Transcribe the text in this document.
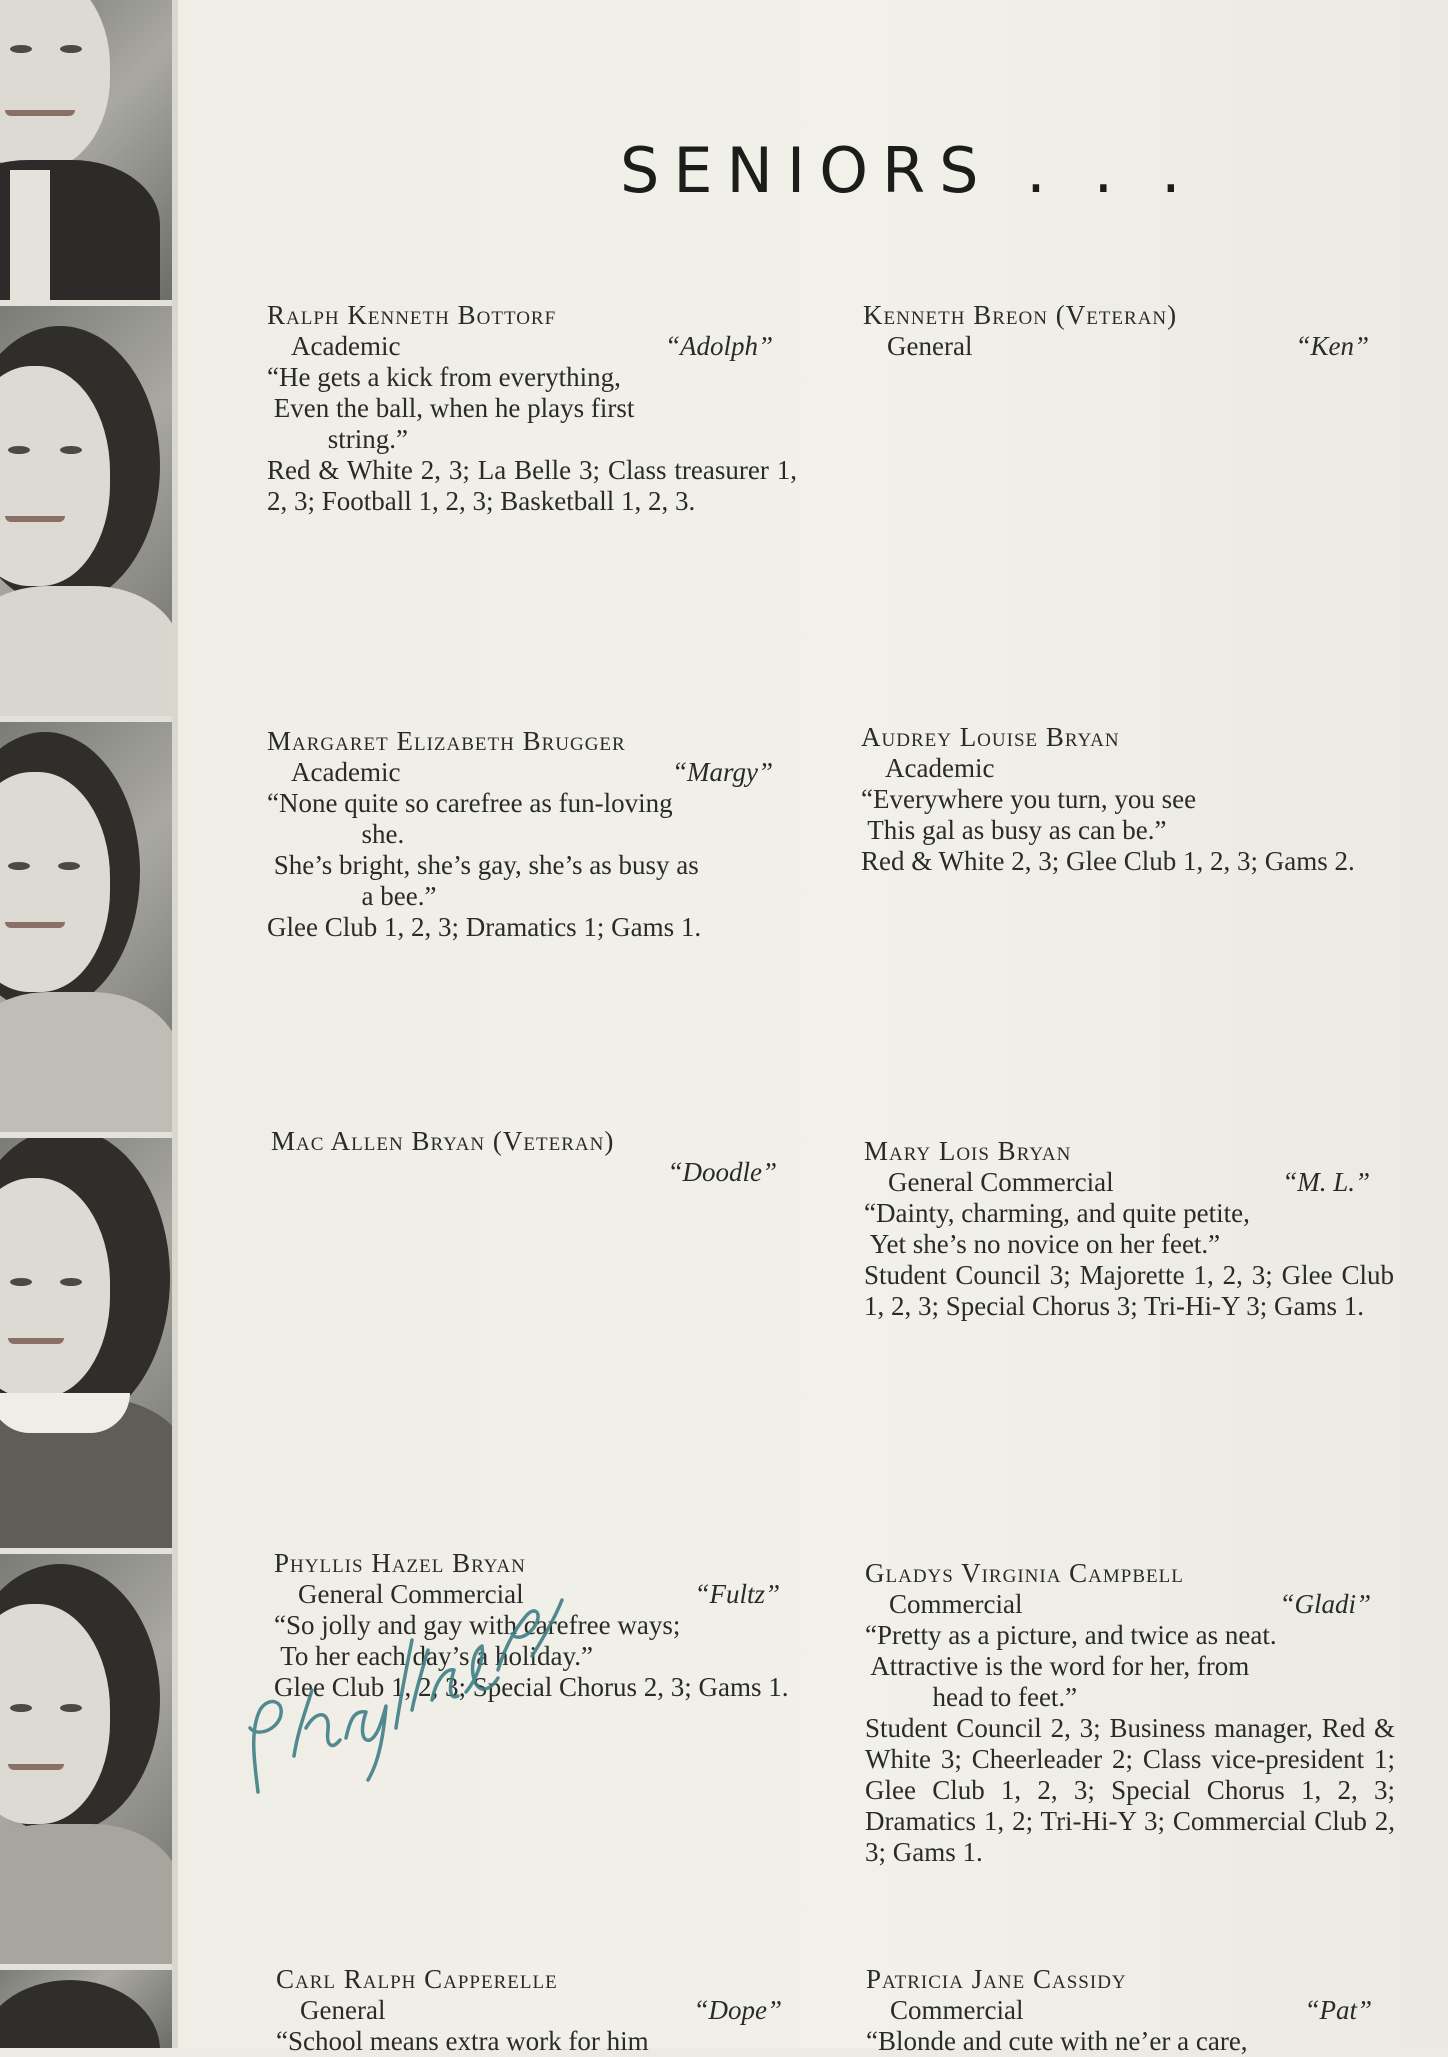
SENIORS . . .
Ralph Kenneth Bottorf
Academic	“Adolph”
“He gets a kick from everything,
Even the ball, when he plays first
string.”
Red & White 2, 3; La Belle 3; Class treasurer 1, 2, 3; Football 1, 2, 3; Basketball 1, 2, 3.
Kenneth Breon (Veteran)
General	“Ken”
Margaret Elizabeth Brugger
Academic	“Margy”
“None quite so carefree as fun-loving
she.
She’s bright, she’s gay, she’s as busy as
a bee.”
Glee Club 1, 2, 3; Dramatics 1; Gams 1.
Audrey Louise Bryan
Academic
“Everywhere you turn, you see
This gal as busy as can be.”
Red & White 2, 3; Glee Club 1, 2, 3; Gams 2.
Mac Allen Bryan (Veteran)
“Doodle”
Mary Lois Bryan
General Commercial	“M. L.”
“Dainty, charming, and quite petite,
Yet she’s no novice on her feet.”
Student Council 3; Majorette 1, 2, 3; Glee Club 1, 2, 3; Special Chorus 3; Tri-Hi-Y 3; Gams 1.
Phyllis Hazel Bryan
General Commercial	“Fultz”
“So jolly and gay with carefree ways;
To her each day’s a holiday.”
Glee Club 1, 2, 3; Special Chorus 2, 3; Gams 1.
Gladys Virginia Campbell
Commercial	“Gladi”
“Pretty as a picture, and twice as neat.
Attractive is the word for her, from
head to feet.”
Student Council 2, 3; Business manager, Red & White 3; Cheerleader 2; Class vice-president 1; Glee Club 1, 2, 3; Special Chorus 1, 2, 3; Dramatics 1, 2; Tri-Hi-Y 3; Commercial Club 2, 3; Gams 1.
Carl Ralph Capperelle
General	“Dope”
“School means extra work for him
Patricia Jane Cassidy
Commercial	“Pat”
“Blonde and cute with ne’er a care,
